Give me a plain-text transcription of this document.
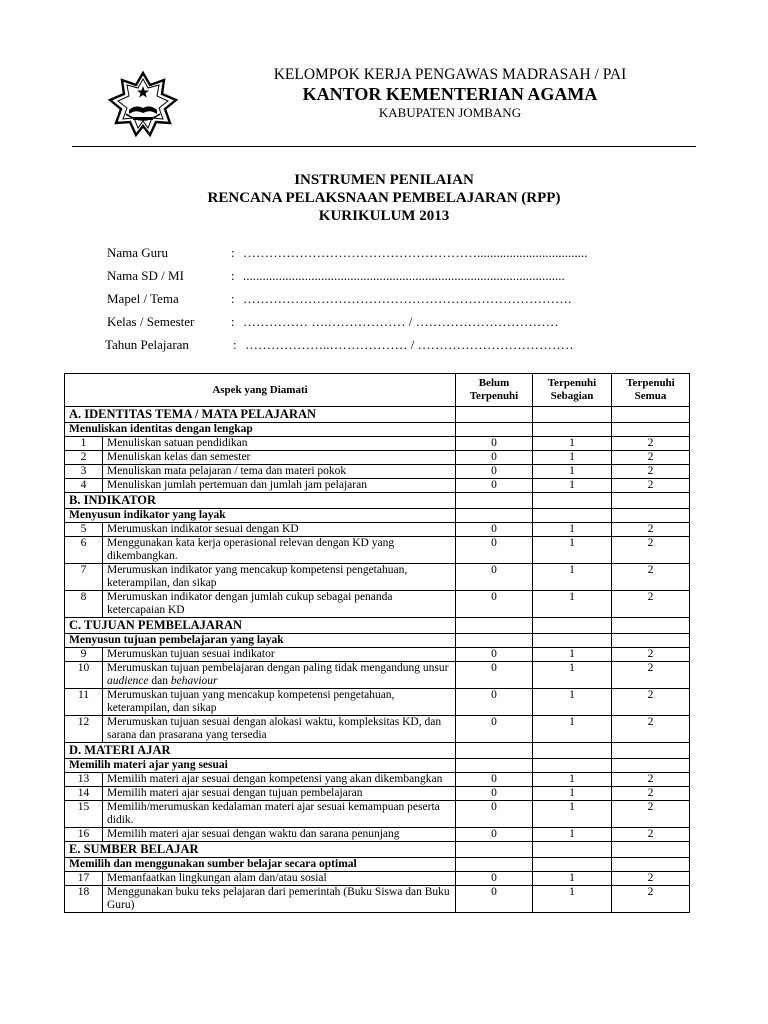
KELOMPOK KERJA PENGAWAS MADRASAH / PAI
KANTOR KEMENTERIAN AGAMA
KABUPATEN JOMBANG
INSTRUMEN PENILAIAN
RENCANA PELAKSNAAN PEMBELAJARAN (RPP)
KURIKULUM 2013
Nama Guru	: ………………………………………………..................................
Nama SD / MI	: ...................................................................................................
Mapel / Tema	: ………………………………………………………………….
Kelas / Semester	: …………… ….……………… / ……………………………
Tahun Pelajaran	: ………………..……………… / ………………………………
Aspek yang Diamati		Belum Terpenuhi	Terpenuhi Sebagian	Terpenuhi Semua
A. IDENTITAS TEMA / MATA PELAJARAN				
Menuliskan identitas dengan lengkap				
1	Menuliskan satuan pendidikan	0	1	2
2	Menuliskan kelas dan semester	0	1	2
3	Menuliskan mata pelajaran / tema dan materi pokok	0	1	2
4	Menuliskan jumlah pertemuan dan jumlah jam pelajaran	0	1	2
B. INDIKATOR				
Menyusun indikator yang layak				
5	Merumuskan indikator sesuai dengan KD	0	1	2
6	Menggunakan kata kerja operasional relevan dengan KD yang dikembangkan.	0	1	2
7	Merumuskan indikator yang mencakup kompetensi pengetahuan, keterampilan, dan sikap	0	1	2
8	Merumuskan indikator dengan jumlah cukup sebagai penanda ketercapaian KD	0	1	2
C. TUJUAN PEMBELAJARAN				
Menyusun tujuan pembelajaran yang layak				
9	Merumuskan tujuan sesuai indikator	0	1	2
10	Merumuskan tujuan pembelajaran dengan paling tidak mengandung unsur audience dan behaviour	0	1	2
11	Merumuskan tujuan yang mencakup kompetensi pengetahuan, keterampilan, dan sikap	0	1	2
12	Merumuskan tujuan sesuai dengan alokasi waktu, kompleksitas KD, dan sarana dan prasarana yang tersedia	0	1	2
D. MATERI AJAR				
Memilih materi ajar yang sesuai				
13	Memilih materi ajar sesuai dengan kompetensi yang akan dikembangkan	0	1	2
14	Memilih materi ajar sesuai dengan tujuan pembelajaran	0	1	2
15	Memilih/merumuskan kedalaman materi ajar sesuai kemampuan peserta didik.	0	1	2
16	Memilih materi ajar sesuai dengan waktu dan sarana penunjang	0	1	2
E. SUMBER BELAJAR				
Memilih dan menggunakan sumber belajar secara optimal				
17	Memanfaatkan lingkungan alam dan/atau sosial	0	1	2
18	Menggunakan buku teks pelajaran dari pemerintah (Buku Siswa dan Buku Guru)	0	1	2
